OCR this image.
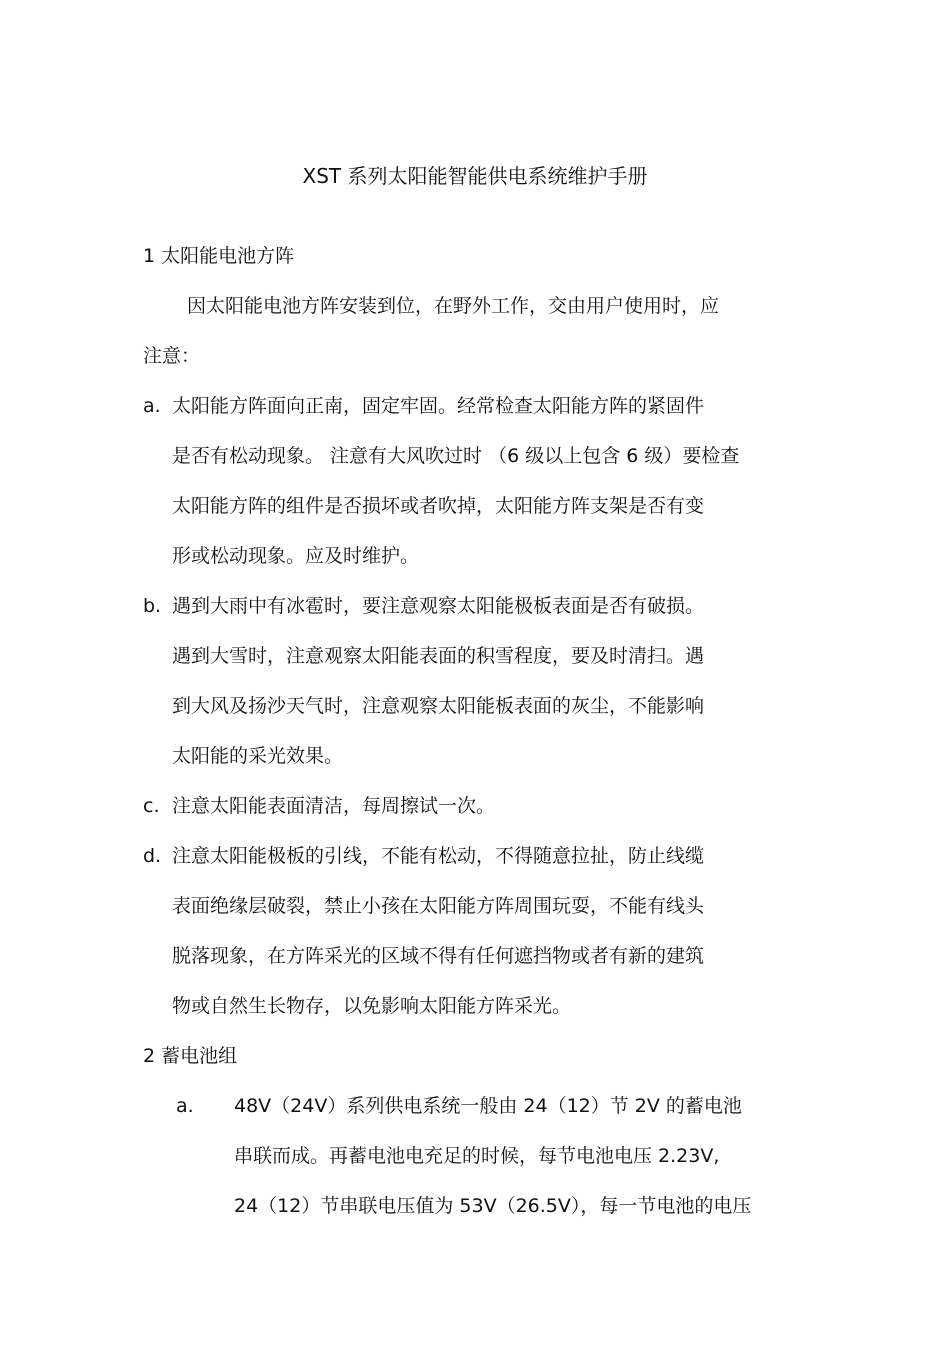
XST 系列太阳能智能供电系统维护手册
1 太阳能电池方阵
因太阳能电池方阵安装到位，在野外工作，交由用户使用时，应
注意：
a. 太阳能方阵面向正南，固定牢固。经常检查太阳能方阵的紧固件
是否有松动现象。 注意有大风吹过时 （6 级以上包含 6 级）要检查
太阳能方阵的组件是否损坏或者吹掉，太阳能方阵支架是否有变
形或松动现象。应及时维护。
b. 遇到大雨中有冰雹时，要注意观察太阳能极板表面是否有破损。
遇到大雪时，注意观察太阳能表面的积雪程度，要及时清扫。遇
到大风及扬沙天气时，注意观察太阳能板表面的灰尘，不能影响
太阳能的采光效果。
c. 注意太阳能表面清洁，每周擦试一次。
d. 注意太阳能极板的引线，不能有松动，不得随意拉扯，防止线缆
表面绝缘层破裂，禁止小孩在太阳能方阵周围玩耍，不能有线头
脱落现象，在方阵采光的区域不得有任何遮挡物或者有新的建筑
物或自然生长物存，以免影响太阳能方阵采光。
2 蓄电池组
a. 48V（24V）系列供电系统一般由 24（12）节 2V 的蓄电池
串联而成。再蓄电池电充足的时候，每节电池电压 2.23V,
24（12）节串联电压值为 53V（26.5V），每一节电池的电压
